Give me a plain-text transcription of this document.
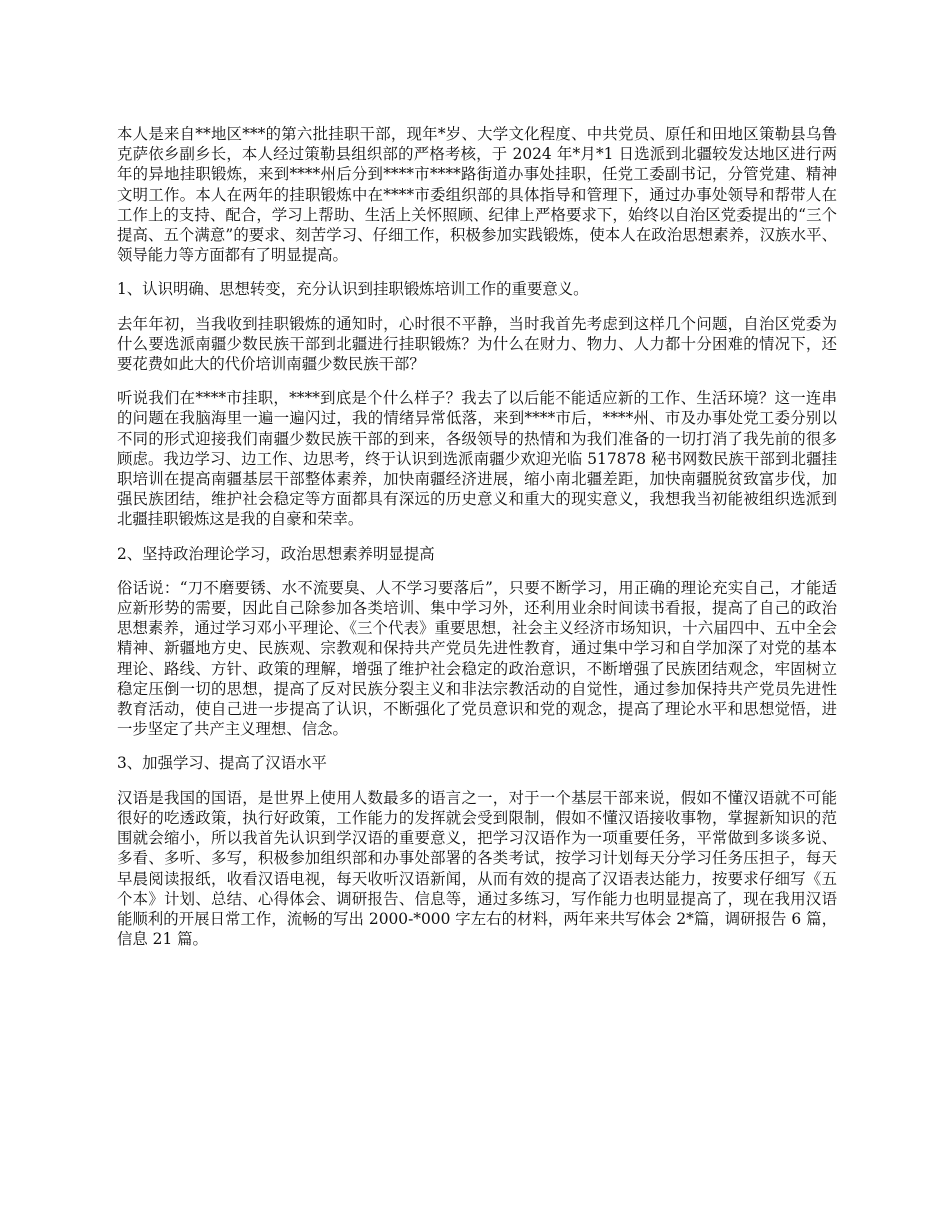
本人是来自**地区***的第六批挂职干部，现年*岁、大学文化程度、中共党员、原任和田地区策勒县乌鲁克萨依乡副乡长，本人经过策勒县组织部的严格考核，于 2024 年*月*1 日选派到北疆较发达地区进行两年的异地挂职锻炼，来到****州后分到****市****路街道办事处挂职，任党工委副书记，分管党建、精神文明工作。本人在两年的挂职锻炼中在****市委组织部的具体指导和管理下，通过办事处领导和帮带人在工作上的支持、配合，学习上帮助、生活上关怀照顾、纪律上严格要求下，始终以自治区党委提出的“三个提高、五个满意”的要求、刻苦学习、仔细工作，积极参加实践锻炼，使本人在政治思想素养，汉族水平、领导能力等方面都有了明显提高。

1、认识明确、思想转变，充分认识到挂职锻炼培训工作的重要意义。

去年年初，当我收到挂职锻炼的通知时，心时很不平静，当时我首先考虑到这样几个问题，自治区党委为什么要选派南疆少数民族干部到北疆进行挂职锻炼？为什么在财力、物力、人力都十分困难的情况下，还要花费如此大的代价培训南疆少数民族干部？

听说我们在****市挂职，****到底是个什么样子？我去了以后能不能适应新的工作、生活环境？这一连串的问题在我脑海里一遍一遍闪过，我的情绪异常低落，来到****市后，****州、市及办事处党工委分别以不同的形式迎接我们南疆少数民族干部的到来，各级领导的热情和为我们准备的一切打消了我先前的很多顾虑。我边学习、边工作、边思考，终于认识到选派南疆少欢迎光临 517878 秘书网数民族干部到北疆挂职培训在提高南疆基层干部整体素养，加快南疆经济进展，缩小南北疆差距，加快南疆脱贫致富步伐，加强民族团结，维护社会稳定等方面都具有深远的历史意义和重大的现实意义，我想我当初能被组织选派到北疆挂职锻炼这是我的自豪和荣幸。

2、坚持政治理论学习，政治思想素养明显提高

俗话说：“刀不磨要锈、水不流要臭、人不学习要落后”，只要不断学习，用正确的理论充实自己，才能适应新形势的需要，因此自己除参加各类培训、集中学习外，还利用业余时间读书看报，提高了自己的政治思想素养，通过学习邓小平理论、《三个代表》重要思想，社会主义经济市场知识，十六届四中、五中全会精神、新疆地方史、民族观、宗教观和保持共产党员先进性教育，通过集中学习和自学加深了对党的基本理论、路线、方针、政策的理解，增强了维护社会稳定的政治意识，不断增强了民族团结观念，牢固树立稳定压倒一切的思想，提高了反对民族分裂主义和非法宗教活动的自觉性，通过参加保持共产党员先进性教育活动，使自己进一步提高了认识，不断强化了党员意识和党的观念，提高了理论水平和思想觉悟，进一步坚定了共产主义理想、信念。

3、加强学习、提高了汉语水平

汉语是我国的国语，是世界上使用人数最多的语言之一，对于一个基层干部来说，假如不懂汉语就不可能很好的吃透政策，执行好政策，工作能力的发挥就会受到限制，假如不懂汉语接收事物，掌握新知识的范围就会缩小，所以我首先认识到学汉语的重要意义，把学习汉语作为一项重要任务，平常做到多谈多说、多看、多听、多写，积极参加组织部和办事处部署的各类考试，按学习计划每天分学习任务压担子，每天早晨阅读报纸，收看汉语电视，每天收听汉语新闻，从而有效的提高了汉语表达能力，按要求仔细写《五个本》计划、总结、心得体会、调研报告、信息等，通过多练习，写作能力也明显提高了，现在我用汉语能顺利的开展日常工作，流畅的写出 2000-*000 字左右的材料，两年来共写体会 2*篇，调研报告 6 篇，信息 21 篇。
